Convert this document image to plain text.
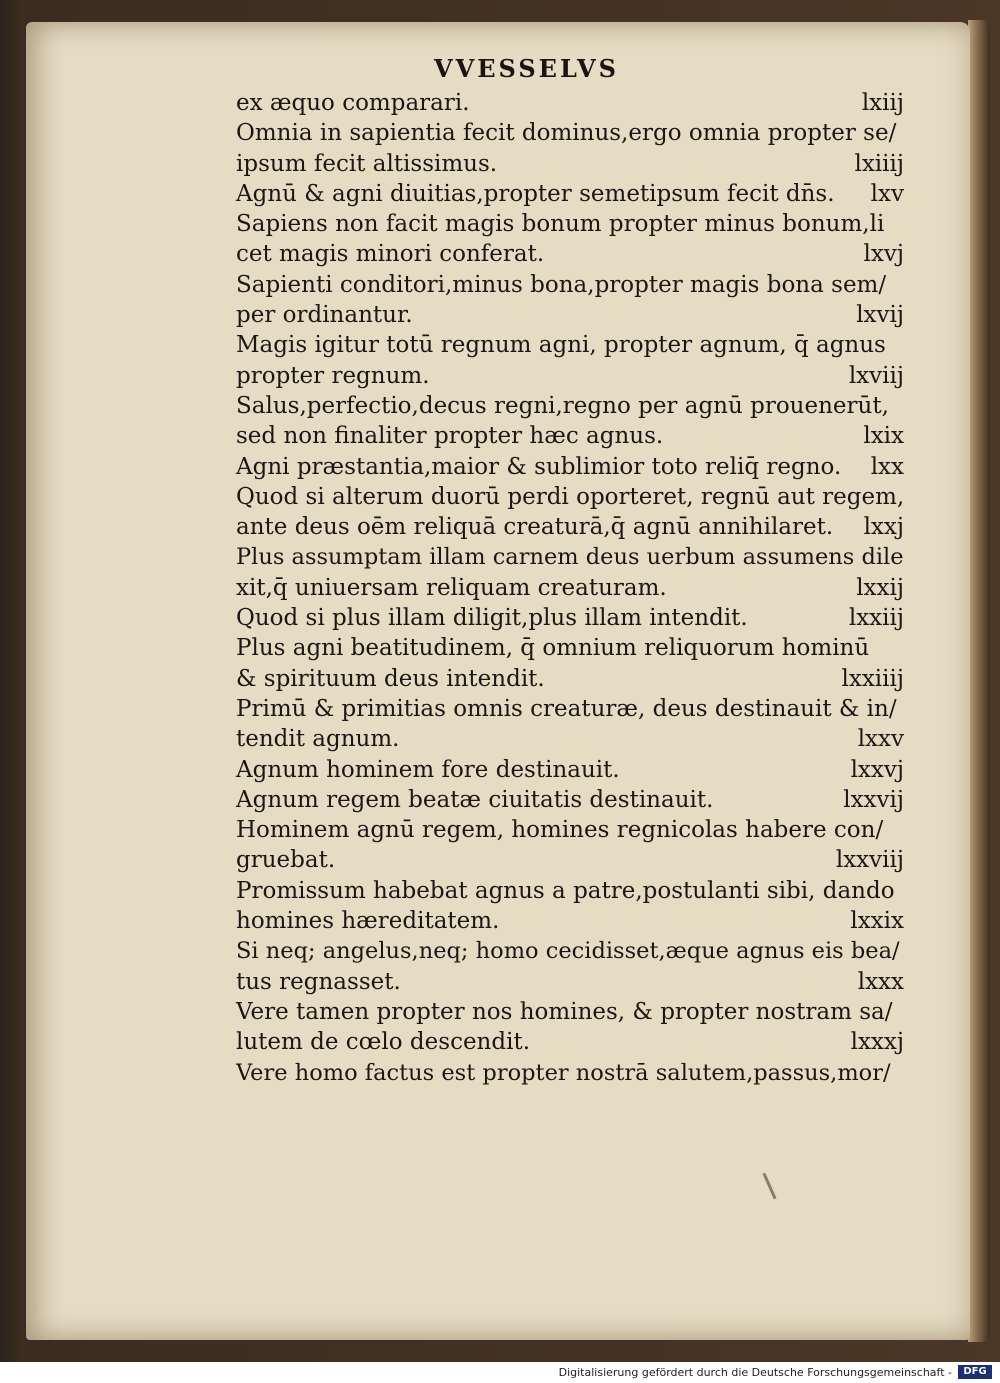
VVESSELVS
ex æquo comparari.	lxiij
Omnia in sapientia fecit dominus,ergo omnia propter se/
ipsum fecit altissimus.	lxiiij
Agnū & agni diuitias,propter semetipsum fecit dn̄s. lxv
Sapiens non facit magis bonum propter minus bonum,li
cet magis minori conferat.	lxvj
Sapienti conditori,minus bona,propter magis bona sem/
per ordinantur.	lxvij
Magis igitur totū regnum agni, propter agnum, q̄ agnus
propter regnum.	lxviij
Salus,perfectio,decus regni,regno per agnū prouenerūt,
sed non finaliter propter hæc agnus.	lxix
Agni præstantia,maior & sublimior toto reliq̄ regno. lxx
Quod si alterum duorū perdi oporteret, regnū aut regem,
ante deus oēm reliquā creaturā,q̄ agnū annihilaret. lxxj
Plus assumptam illam carnem deus uerbum assumens dile
xit,q̄ uniuersam reliquam creaturam.	lxxij
Quod si plus illam diligit,plus illam intendit.	lxxiij
Plus agni beatitudinem, q̄ omnium reliquorum hominū
& spirituum deus intendit.	lxxiiij
Primū & primitias omnis creaturæ, deus destinauit & in/
tendit agnum.	lxxv
Agnum hominem fore destinauit.	lxxvj
Agnum regem beatæ ciuitatis destinauit.	lxxvij
Hominem agnū regem, homines regnicolas habere con/
gruebat.	lxxviij
Promissum habebat agnus a patre,postulanti sibi, dando
homines hæreditatem.	lxxix
Si neq; angelus,neq; homo cecidisset,æque agnus eis bea/
tus regnasset.	lxxx
Vere tamen propter nos homines, & propter nostram sa/
lutem de cœlo descendit.	lxxxj
Vere homo factus est propter nostrā salutem,passus,mor/
Digitalisierung gefördert durch die Deutsche Forschungsgemeinschaft -	DFG
